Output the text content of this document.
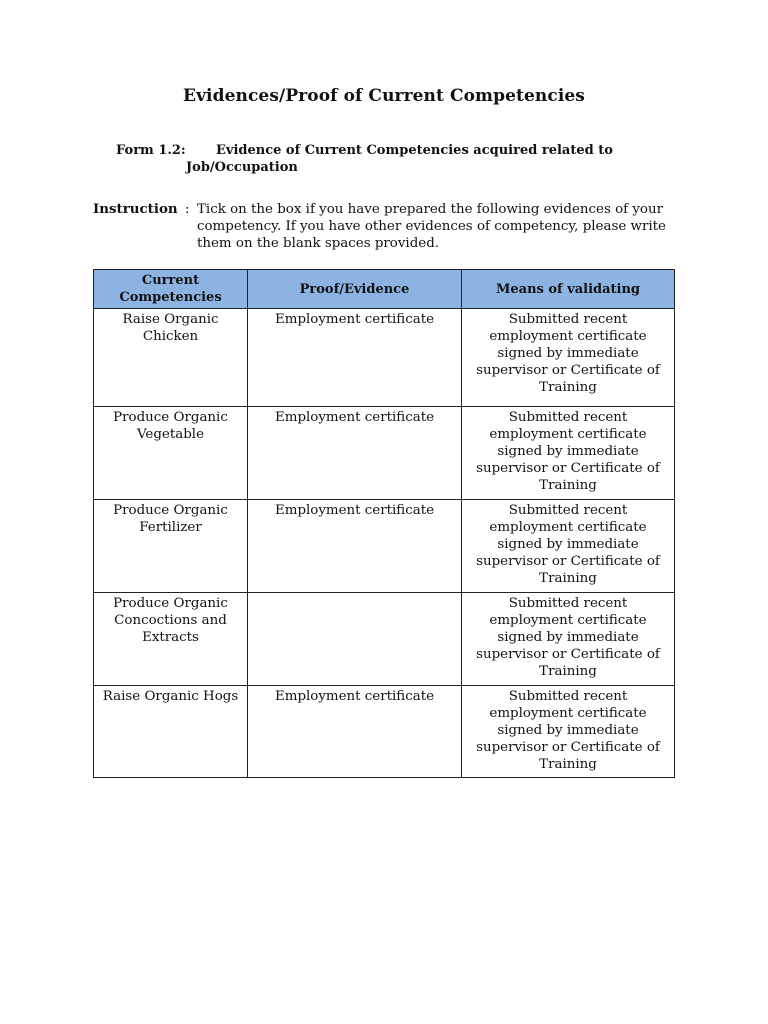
Evidences/Proof of Current Competencies
Form 1.2: Evidence of Current Competencies acquired related to
Job/Occupation
Instruction : Tick on the box if you have prepared the following evidences of your competency. If you have other evidences of competency, please write them on the blank spaces provided.
Current Competencies	Proof/Evidence	Means of validating
Raise Organic Chicken	Employment certificate	Submitted recent employment certificate signed by immediate supervisor or Certificate of Training
Produce Organic Vegetable	Employment certificate	Submitted recent employment certificate signed by immediate supervisor or Certificate of Training
Produce Organic Fertilizer	Employment certificate	Submitted recent employment certificate signed by immediate supervisor or Certificate of Training
Produce Organic Concoctions and Extracts		Submitted recent employment certificate signed by immediate supervisor or Certificate of Training
Raise Organic Hogs	Employment certificate	Submitted recent employment certificate signed by immediate supervisor or Certificate of Training
